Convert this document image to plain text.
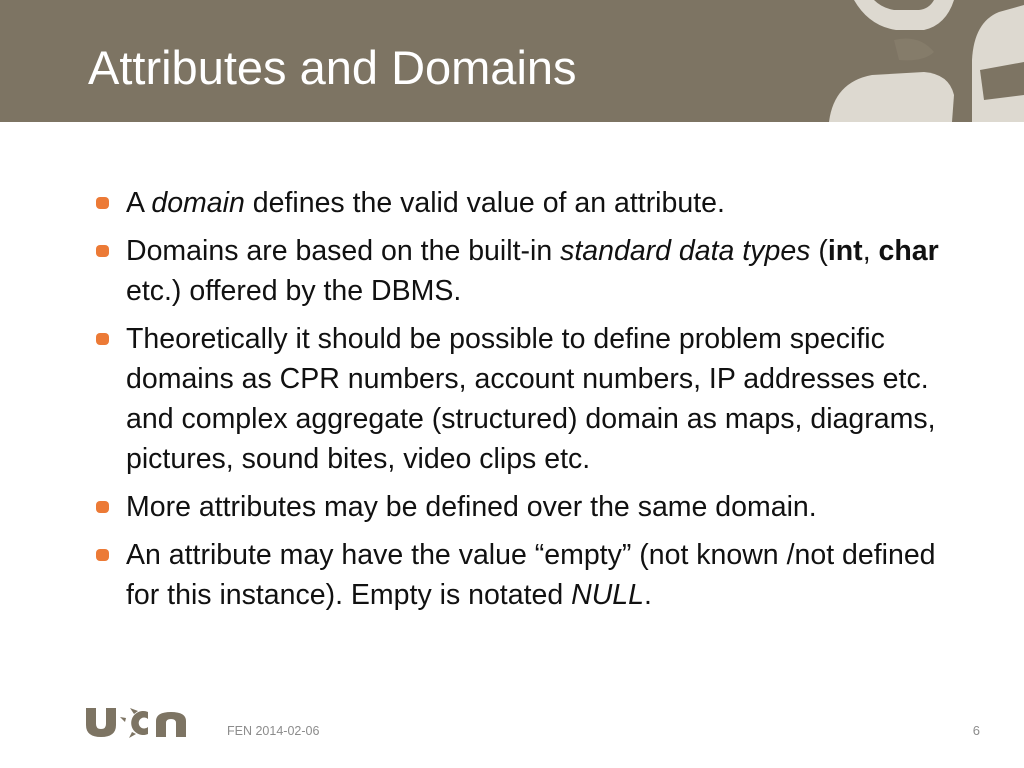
Attributes and Domains
A domain defines the valid value of an attribute.
Domains are based on the built-in standard data types (int, char etc.) offered by the DBMS.
Theoretically it should be possible to define problem specific domains as CPR numbers, account numbers, IP addresses etc. and complex aggregate (structured) domain as maps, diagrams, pictures, sound bites, video clips etc.
More attributes may be defined over the same domain.
An attribute may have the value “empty” (not known /not defined for this instance). Empty is notated NULL.
FEN 2014-02-06	6
